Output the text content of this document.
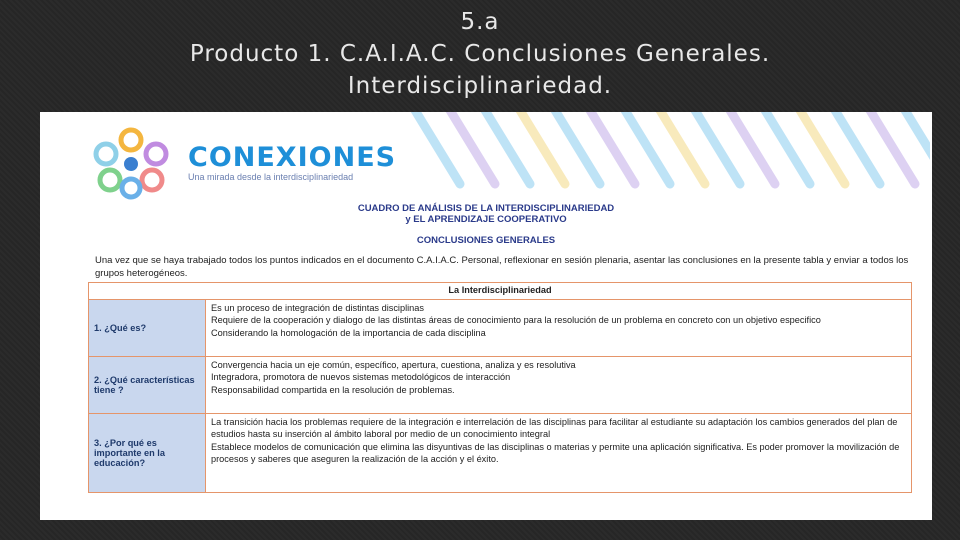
5.a
Producto 1. C.A.I.A.C. Conclusiones Generales.
Interdisciplinariedad.
CONEXIONES
Una mirada desde la interdisciplinariedad
CUADRO DE ANÁLISIS DE LA INTERDISCIPLINARIEDAD
y EL APRENDIZAJE COOPERATIVO
CONCLUSIONES GENERALES
Una vez que se haya trabajado todos los puntos indicados en el documento C.A.I.A.C. Personal, reflexionar en sesión plenaria, asentar las conclusiones en la presente tabla y enviar a todos los grupos heterogéneos.
La Interdisciplinariedad	

1. ¿Qué es?	Es un proceso de integración de distintas disciplinas
Requiere de la cooperación y dialogo de las distintas áreas de conocimiento para la resolución de un problema en concreto con un objetivo especifico
Considerando la homologación de la importancia de cada disciplina

2. ¿Qué características tiene ?	Convergencia hacia un eje común, específico, apertura, cuestiona, analiza y es resolutiva
Integradora, promotora de nuevos sistemas metodológicos de interacción
Responsabilidad compartida en la resolución de problemas.

3. ¿Por qué es importante en la educación?	La transición hacia los problemas requiere de la integración e interrelación de las disciplinas para facilitar al estudiante su adaptación los cambios generados del plan de estudios hasta su inserción al ámbito laboral por medio de un conocimiento integral
Establece modelos de comunicación que elimina las disyuntivas de las disciplinas o materias y permite una aplicación significativa. Es poder promover la movilización de procesos y saberes que aseguren la realización de la acción y el éxito.
